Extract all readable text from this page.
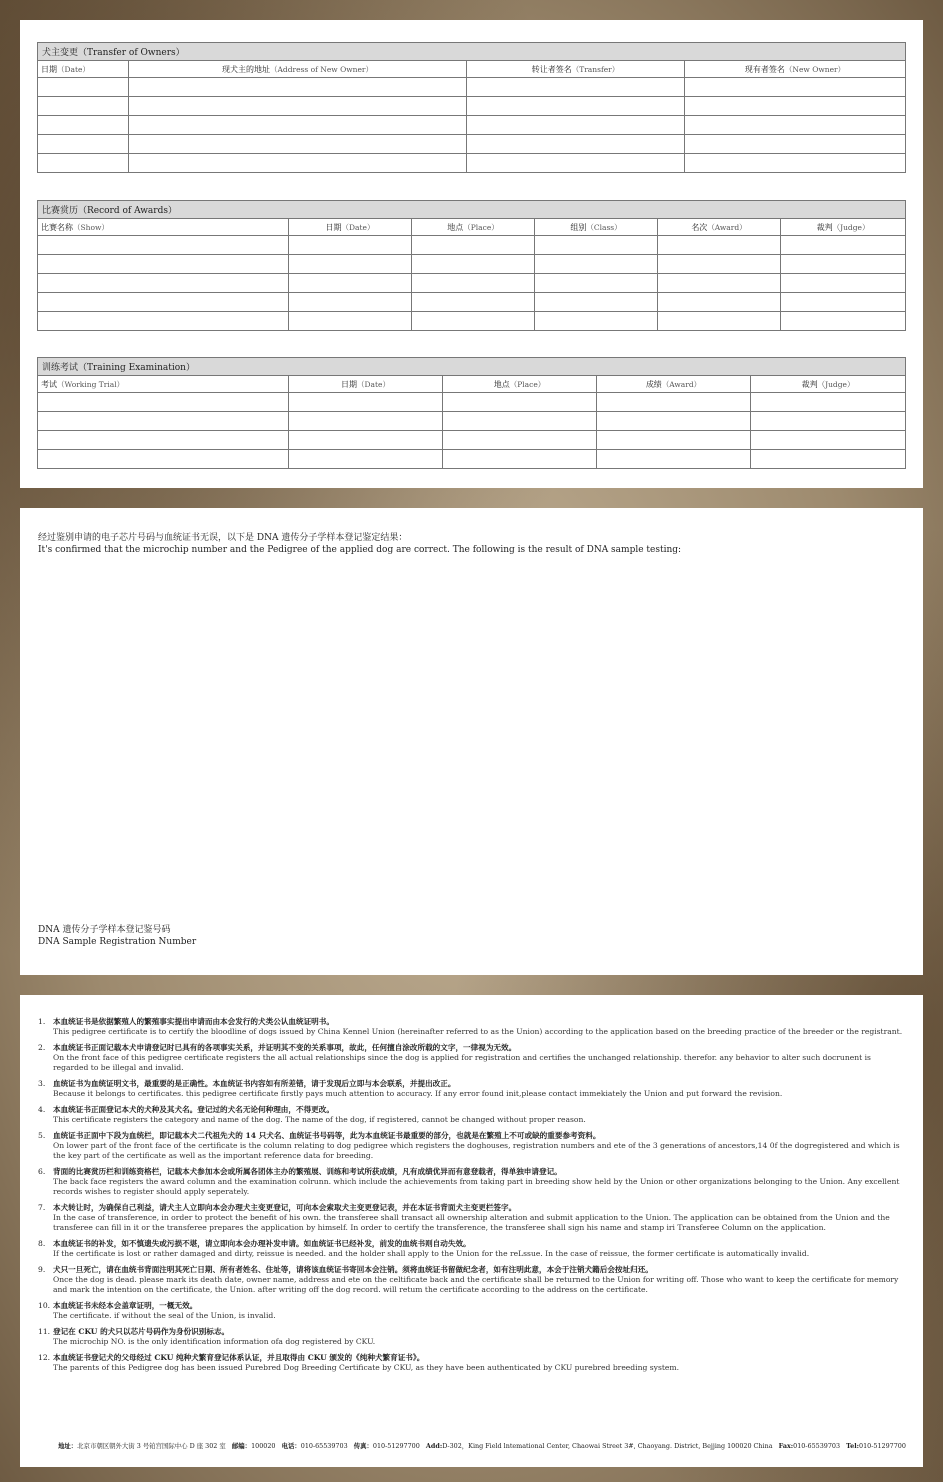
犬主变更（Transfer of Owners）			
日期（Date）	现犬主的地址（Address of New Owner）	转让者签名（Transfer）	现有者签名（New Owner）

比赛赏历（Record of Awards）					
比赛名称（Show）	日期（Date）	地点（Place）	组别（Class）	名次（Award）	裁判（Judge）

训练考试（Training Examination）				
考试（Working Trial）	日期（Date）	地点（Place）	成绩（Award）	裁判（Judge）

经过鉴别申请的电子芯片号码与血统证书无误，以下是 DNA 遗传分子学样本登记鉴定结果：
It's confirmed that the microchip number and the Pedigree of the applied dog are correct. The following is the result of DNA sample testing:
DNA 遗传分子学样本登记鉴号码
DNA Sample Registration Number
1.	本血统证书是依据繁殖人的繁殖事实提出申请而由本会发行的犬类公认血统证明书。
This pedigree certificate is to certify the bloodline of dogs issued by China Kennel Union (hereinafter referred to as the Union) according to the application based on the breeding practice of the breeder or the registrant.
2.	本血统证书正面记载本犬申请登记时已具有的各项事实关系，并证明其不变的关系事项，故此，任何擅自涂改所载的文字，一律视为无效。
On the front face of this pedigree certificate registers the all actual relationships since the dog is applied for registration and certifies the unchanged relationship. therefor. any behavior to alter such docrunent is regarded to be illegal and invalid.
3.	血统证书为血统证明文书，最重要的是正确性。本血统证书内容如有所差错，请于发现后立即与本会联系，并提出改正。
Because it belongs to certificates. this pedigree certificate firstly pays much attention to accuracy. If any error found init,please contact immekiately the Union and put forward the revision.
4.	本血统证书正面登记本犬的犬种及其犬名。登记过的犬名无论何种理由，不得更改。
This certificate registers the category and name of the dog. The name of the dog, if registered, cannot be changed without proper reason.
5.	血统证书正面中下段为血统栏，即记载本犬二代祖先犬的 14 只犬名、血统证书号码等，此为本血统证书最重要的部分，也就是在繁殖上不可或缺的重要参考资料。
On lower part of the front face of the certificate is the column relating to dog pedigree which registers the doghouses, registration numbers and ete of the 3 generations of ancestors,14 0f the dogregistered and which is the key part of the certificate as well as the important reference data for breeding.
6.	背面的比赛赏历栏和训练资格栏，记载本犬参加本会或所属各团体主办的繁殖展、训练和考试所获成绩，凡有成绩优异而有意登载者，得单独申请登记。
The back face registers the award column and the examination colrunn. which include the achievements from taking part in breeding show held by the Union or other organizations belonging to the Union. Any excellent records wishes to register should apply seperately.
7.	本犬转让时，为确保自己利益，请犬主人立即向本会办理犬主变更登记，可向本会索取犬主变更登记表，并在本证书背面犬主变更栏签字。
In the case of transference, in order to protect the benefit of his own. the transferee shall transact all ownership alteration and submit application to the Union. The application can be obtained from the Union and the transferee can fill in it or the transferee prepares the application by himself. In order to certify the transference, the transferee shall sign his name and stamp iri Transferee Column on the application.
8.	本血统证书的补发，如不慎遗失或污损不堪，请立即向本会办理补发申请。如血统证书已经补发，前发的血统书则自动失效。
If the certificate is lost or rather damaged and dirty, reissue is needed. and the holder shall apply to the Union for the reLssue. In the case of reissue, the former certificate is automatically invalid.
9.	犬只一旦死亡，请在血统书背面注明其死亡日期、所有者姓名、住址等，请将该血统证书寄回本会注销。须将血统证书留做纪念者，如有注明此意，本会于注销犬籍后会按址归还。
Once the dog is dead. please mark its death date, owner name, address and ete on the celtificate back and the certificate shall be returned to the Union for writing off. Those who want to keep the certificate for memory and mark the intention on the certificate, the Union. after writing off the dog record. will retum the certificate according to the address on the certificate.
10. 本血统证书未经本会盖章证明，一概无效。
The certificate. if without the seal of the Union, is invalid.
11. 登记在 CKU 的犬只以芯片号码作为身份识别标志。
The microchip NO. is the only identification information ofa dog registered by CKU.
12. 本血统证书登记犬的父母经过 CKU 纯种犬繁育登记体系认证，并且取得由 CKU 颁发的《纯种犬繁育证书》。
The parents of this Pedigree dog has been issued Purebred Dog Breeding Certificate by CKU, as they have been authenticated by CKU purebred breeding system.
地址：北京市朝区朝外大街 3 号铂宫国际中心 D 座 302 室 邮编：100020 电话：010-65539703 传真：010-51297700 Add:D-302，King Field lntemational Center, Chaowai Street 3#, Chaoyang. District, Bejjing 100020 China Fax:010-65539703 Tel:010-51297700
